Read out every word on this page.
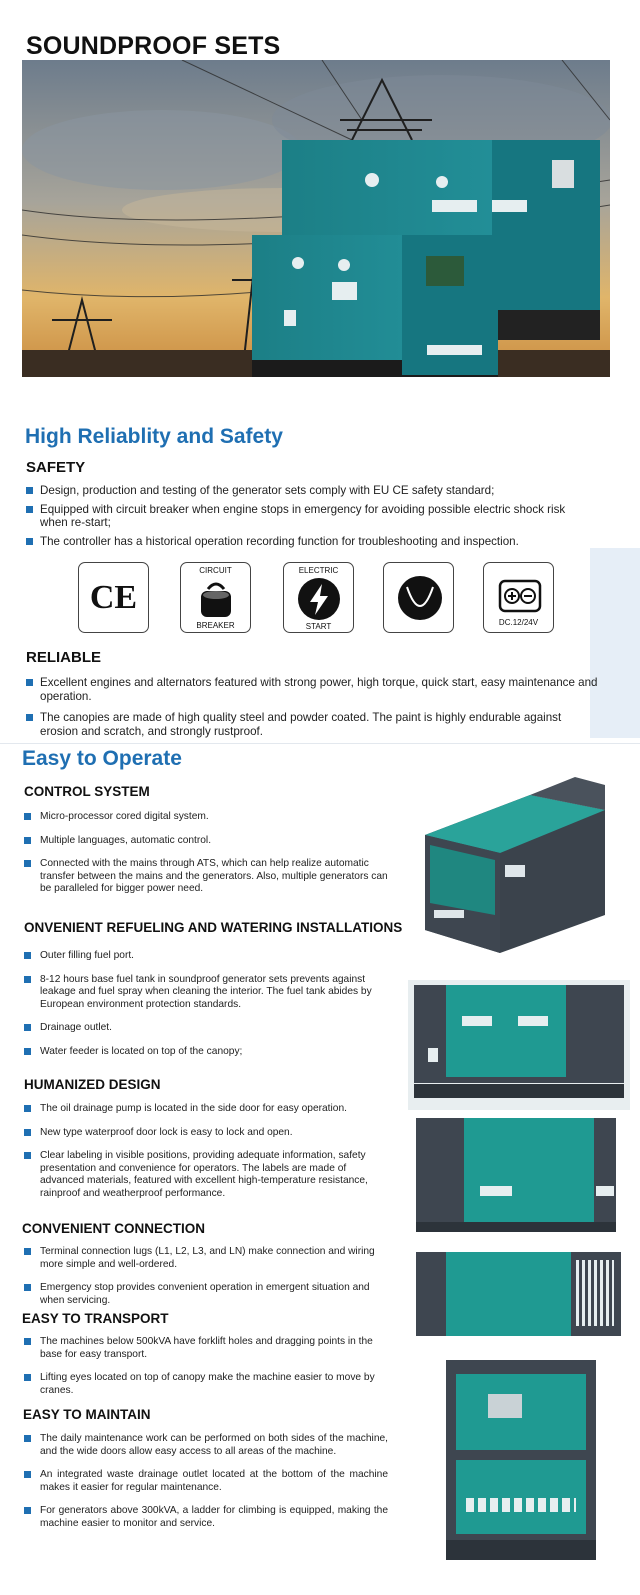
SOUNDPROOF SETS
High Reliablity and Safety
SAFETY
Design, production and testing of the generator sets comply with EU CE safety standard;
Equipped with circuit breaker when engine stops in emergency for avoiding possible electric shock risk when re-start;
The controller has a historical operation recording function for troubleshooting and inspection.
CE
CIRCUIT
BREAKER
ELECTRIC
START	DC.12/24V
RELIABLE
Excellent engines and alternators featured with strong power, high torque, quick start, easy maintenance and operation.
The canopies are made of high quality steel and powder coated. The paint is highly endurable against erosion and scratch, and strongly rustproof.
Easy to Operate
CONTROL SYSTEM
Micro-processor cored digital system.
Multiple languages, automatic control.
Connected with the mains through ATS, which can help realize automatic transfer between the mains and the generators. Also, multiple generators can be paralleled for bigger power need.
ONVENIENT REFUELING AND WATERING INSTALLATIONS
Outer filling fuel port.
8-12 hours base fuel tank in soundproof generator sets prevents against leakage and fuel spray when cleaning the interior. The fuel tank abides by European environment protection standards.
Drainage outlet.
Water feeder is located on top of the canopy;
HUMANIZED DESIGN
The oil drainage pump is located in the side door for easy operation.
New type waterproof door lock is easy to lock and open.
Clear labeling in visible positions, providing adequate information, safety presentation and convenience for operators. The labels are made of advanced materials, featured with excellent high-temperature resistance, rainproof and weatherproof performance.
CONVENIENT CONNECTION
Terminal connection lugs (L1, L2, L3, and LN) make connection and wiring more simple and well-ordered.
Emergency stop provides convenient operation in emergent situation and when servicing.
EASY TO TRANSPORT
The machines below 500kVA have forklift holes and dragging points in the base for easy transport.
Lifting eyes located on top of canopy make the machine easier to move by cranes.
EASY TO MAINTAIN
The daily maintenance work can be performed on both sides of the machine, and the wide doors allow easy access to all areas of the machine.
An integrated waste drainage outlet located at the bottom of the machine makes it easier for regular maintenance.
For generators above 300kVA, a ladder for climbing is equipped, making the machine easier to monitor and service.
